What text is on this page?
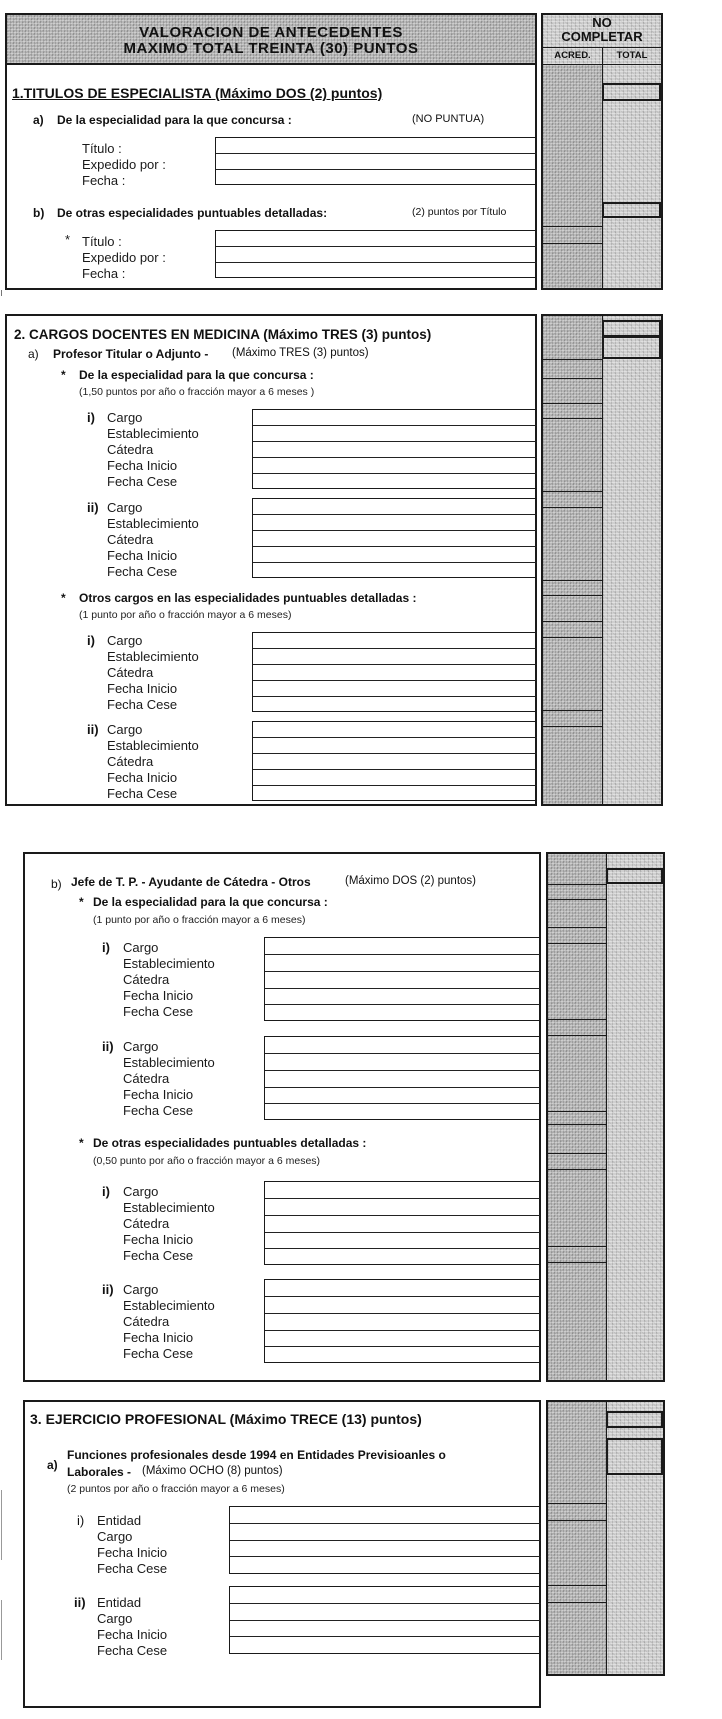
VALORACION DE ANTECEDENTES
MAXIMO TOTAL TREINTA (30) PUNTOS
NO
COMPLETAR
ACRED.	TOTAL
1.TITULOS DE ESPECIALISTA (Máximo DOS (2) puntos)
a) De la especialidad para la que concursa :	(NO PUNTUA)
Título :
Expedido por :
Fecha :
b) De otras especialidades puntuables detalladas:	(2) puntos por Título
* Título :
Expedido por :
Fecha :
2. CARGOS DOCENTES EN MEDICINA (Máximo TRES (3) puntos)
a) Profesor Titular o Adjunto - (Máximo TRES (3) puntos)
* De la especialidad para la que concursa :
(1,50 puntos por año o fracción mayor a 6 meses )
i) Cargo
Establecimiento
Cátedra
Fecha Inicio
Fecha Cese
ii) Cargo
Establecimiento
Cátedra
Fecha Inicio
Fecha Cese
* Otros cargos en las especialidades puntuables detalladas :
(1 punto por año o fracción mayor a 6 meses)
i) Cargo
Establecimiento
Cátedra
Fecha Inicio
Fecha Cese
ii) Cargo
Establecimiento
Cátedra
Fecha Inicio
Fecha Cese
b) Jefe de T. P. - Ayudante de Cátedra - Otros	(Máximo DOS (2) puntos)
* De la especialidad para la que concursa :
(1 punto por año o fracción mayor a 6 meses)
i) Cargo
Establecimiento
Cátedra
Fecha Inicio
Fecha Cese
ii) Cargo
Establecimiento
Cátedra
Fecha Inicio
Fecha Cese
* De otras especialidades puntuables detalladas :
(0,50 punto por año o fracción mayor a 6 meses)
i) Cargo
Establecimiento
Cátedra
Fecha Inicio
Fecha Cese
ii) Cargo
Establecimiento
Cátedra
Fecha Inicio
Fecha Cese
3. EJERCICIO PROFESIONAL (Máximo TRECE (13) puntos)
a)
Funciones profesionales desde 1994 en Entidades Previsioanles o
Laborales - (Máximo OCHO (8) puntos)
(2 puntos por año o fracción mayor a 6 meses)
i) Entidad
Cargo
Fecha Inicio
Fecha Cese
ii) Entidad
Cargo
Fecha Inicio
Fecha Cese
